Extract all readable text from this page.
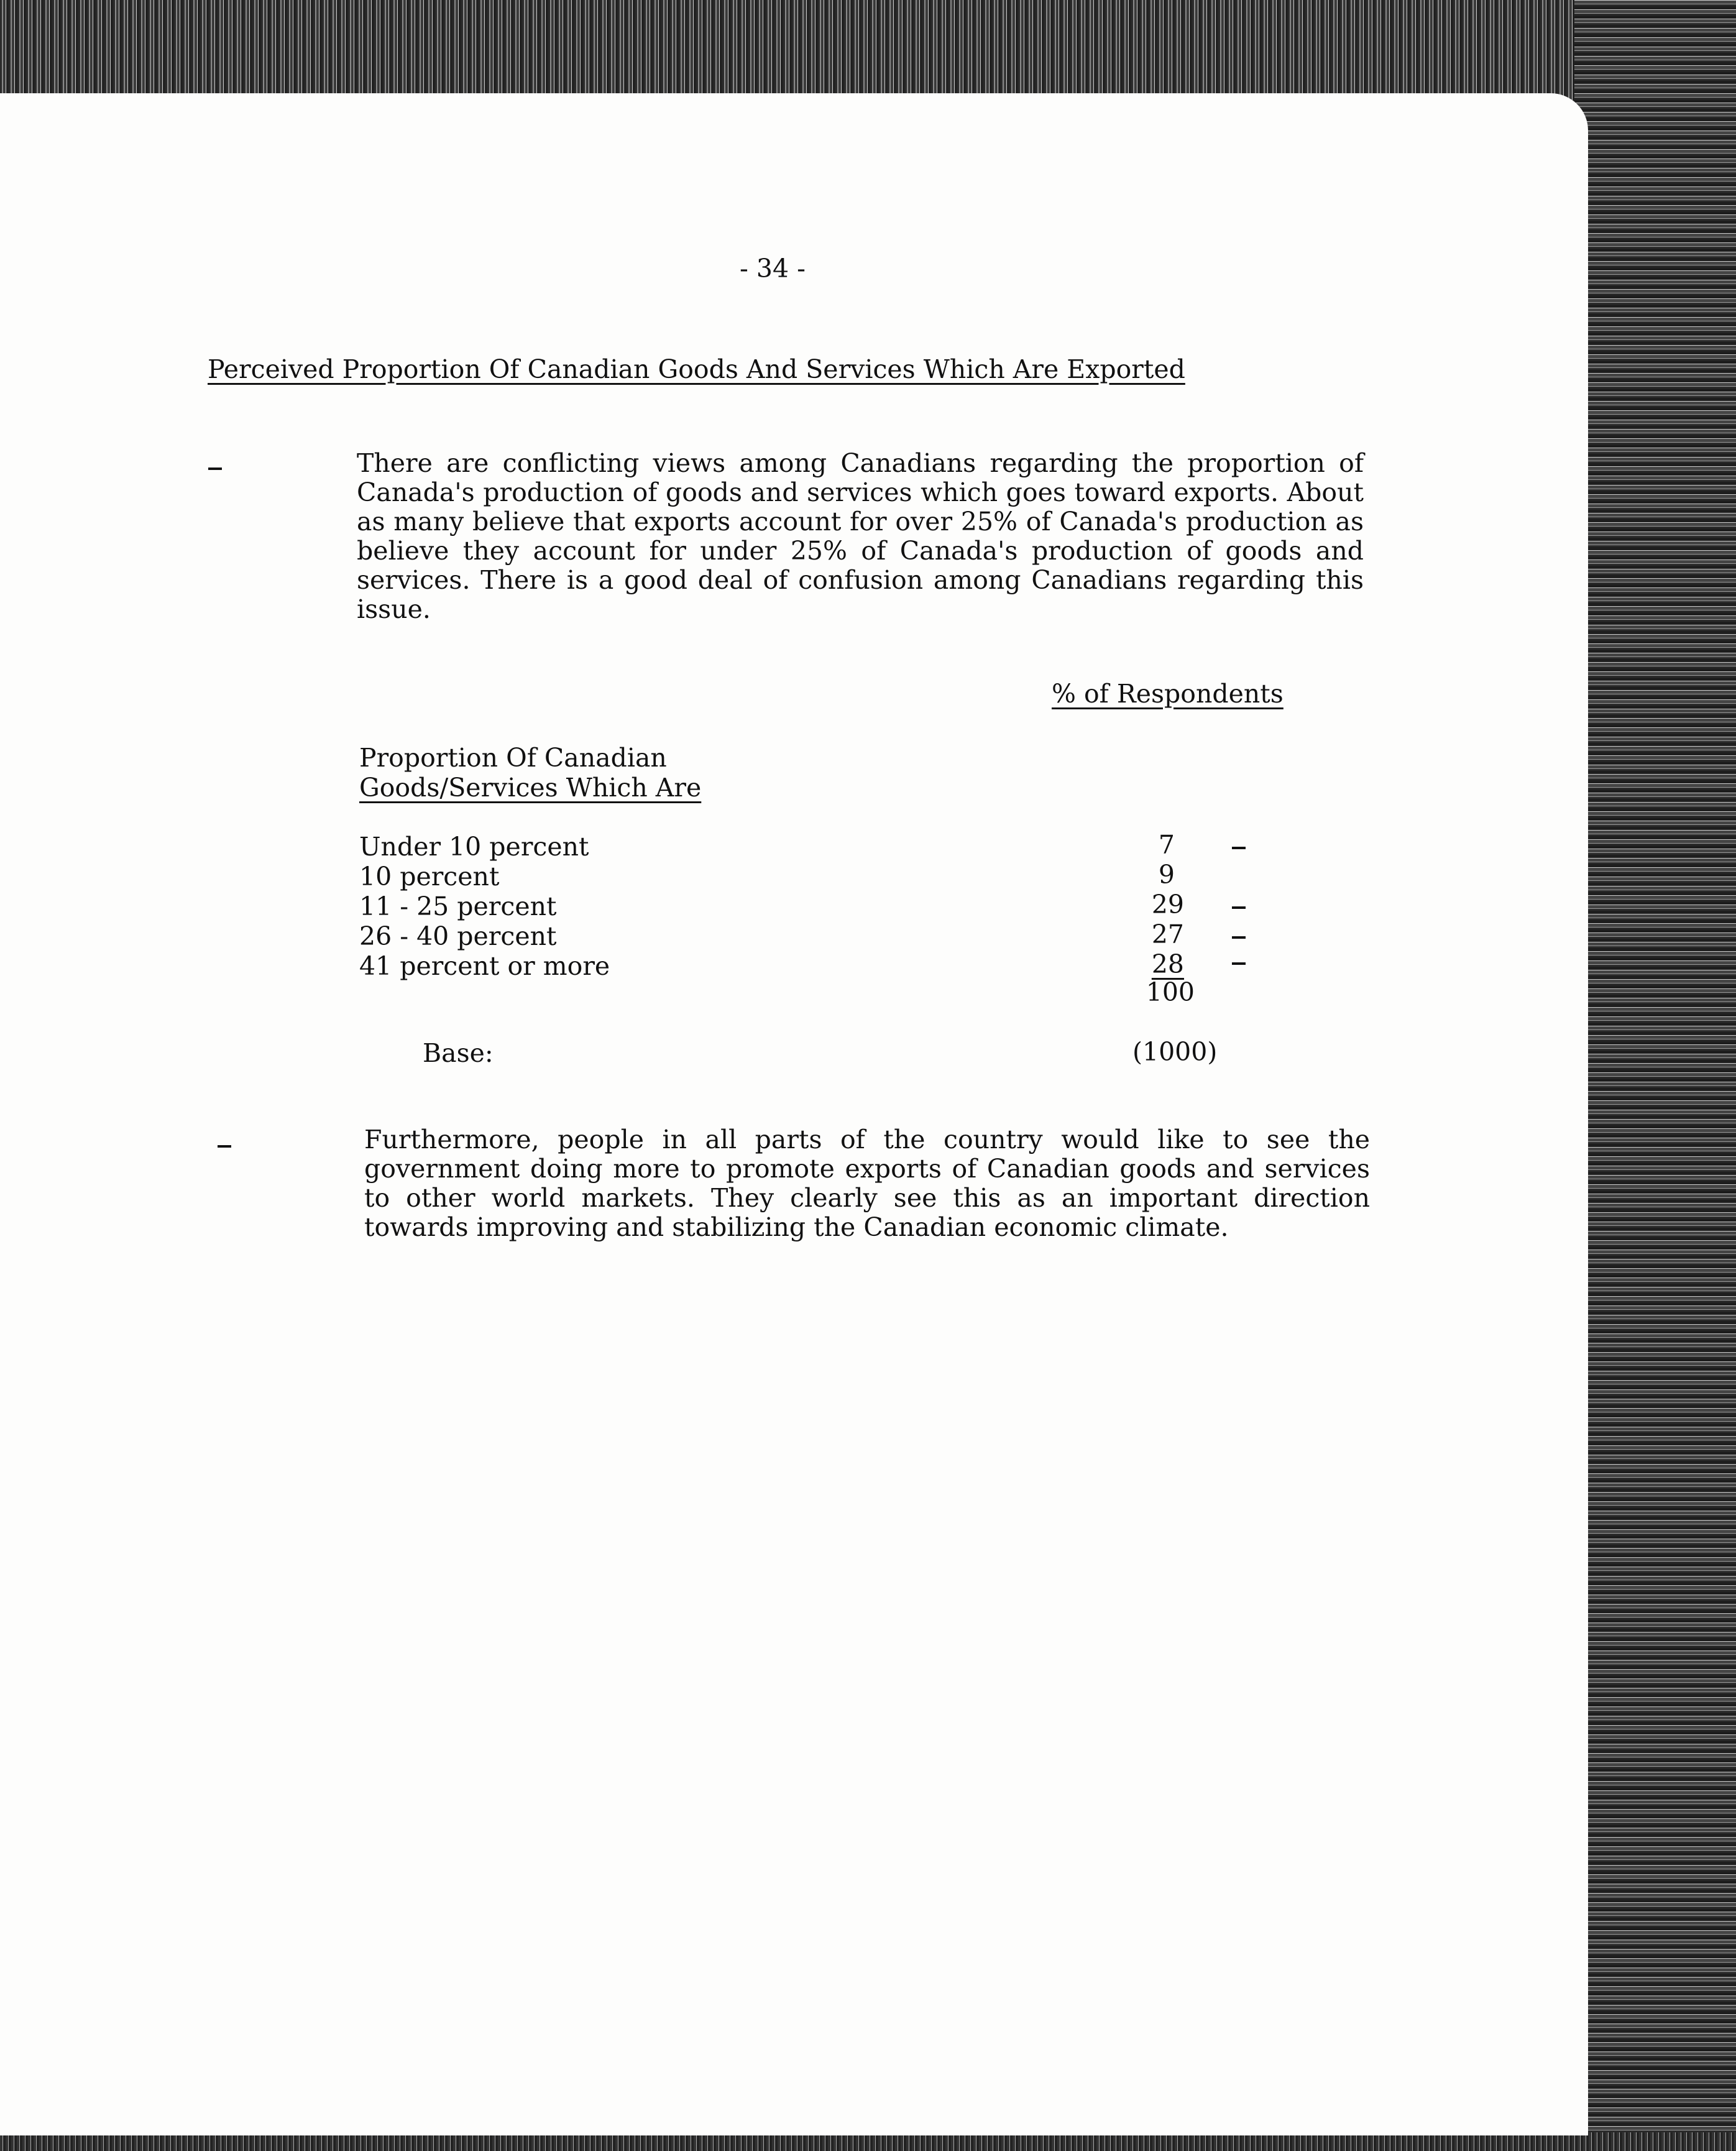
- 34 -
Perceived Proportion Of Canadian Goods And Services Which Are Exported
There are conflicting views among Canadians regarding the proportion of
Canada's production of goods and services which goes toward exports. About
as many believe that exports account for over 25% of Canada's production as
believe they account for under 25% of Canada's production of goods and
services. There is a good deal of confusion among Canadians regarding this
issue.
% of Respondents
Proportion Of Canadian
Goods/Services Which Are
Under 10 percent
10 percent
11 - 25 percent
26 - 40 percent
41 percent or more
7
9
29
27
28
100
Base:	(1000)
Furthermore, people in all parts of the country would like to see the
government doing more to promote exports of Canadian goods and services
to other world markets. They clearly see this as an important direction
towards improving and stabilizing the Canadian economic climate.
